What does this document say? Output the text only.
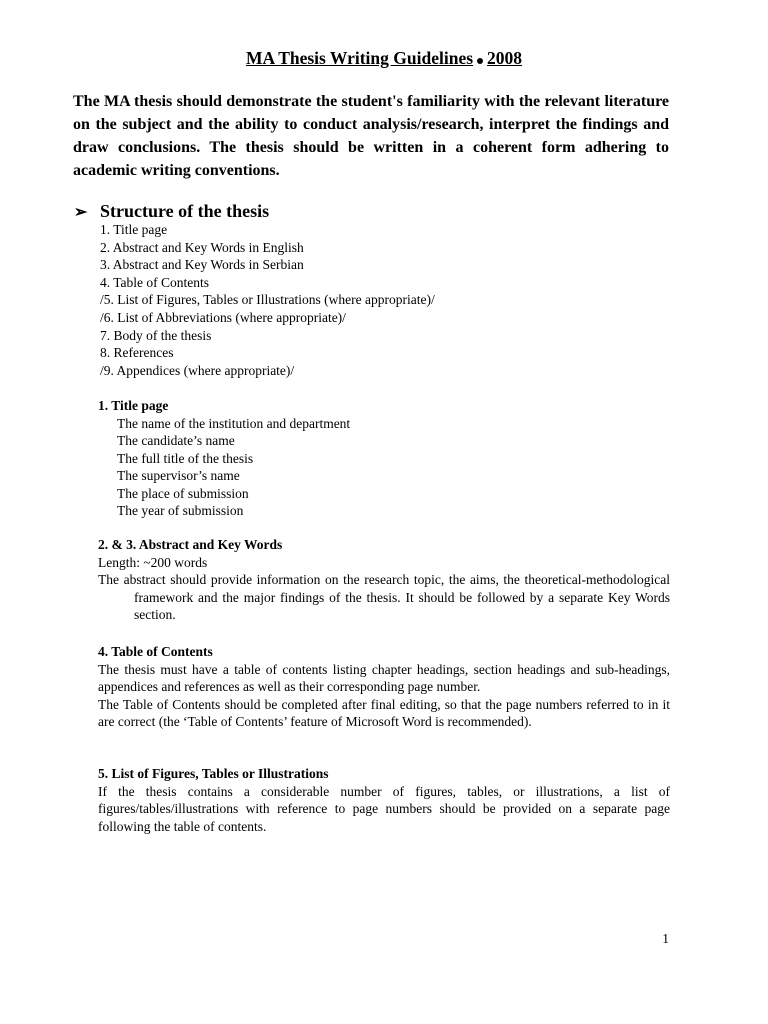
MA Thesis Writing Guidelines 2008
The MA thesis should demonstrate the student's familiarity with the relevant literature on the subject and the ability to conduct analysis/research, interpret the findings and draw conclusions. The thesis should be written in a coherent form adhering to academic writing conventions.
➢ Structure of the thesis
1. Title page
2. Abstract and Key Words in English
3. Abstract and Key Words in Serbian
4. Table of Contents
/5. List of Figures, Tables or Illustrations (where appropriate)/
/6. List of Abbreviations (where appropriate)/
7. Body of the thesis
8. References
/9. Appendices (where appropriate)/
1. Title page
The name of the institution and department
The candidate’s name
The full title of the thesis
The supervisor’s name
The place of submission
The year of submission
2. & 3. Abstract and Key Words
Length: ~200 words
The abstract should provide information on the research topic, the aims, the theoretical-methodological framework and the major findings of the thesis. It should be followed by a separate Key Words section.
4. Table of Contents
The thesis must have a table of contents listing chapter headings, section headings and sub-headings, appendices and references as well as their corresponding page number.
The Table of Contents should be completed after final editing, so that the page numbers referred to in it are correct (the ‘Table of Contents’ feature of Microsoft Word is recommended).
5. List of Figures, Tables or Illustrations
If the thesis contains a considerable number of figures, tables, or illustrations, a list of figures/tables/illustrations with reference to page numbers should be provided on a separate page following the table of contents.
1
